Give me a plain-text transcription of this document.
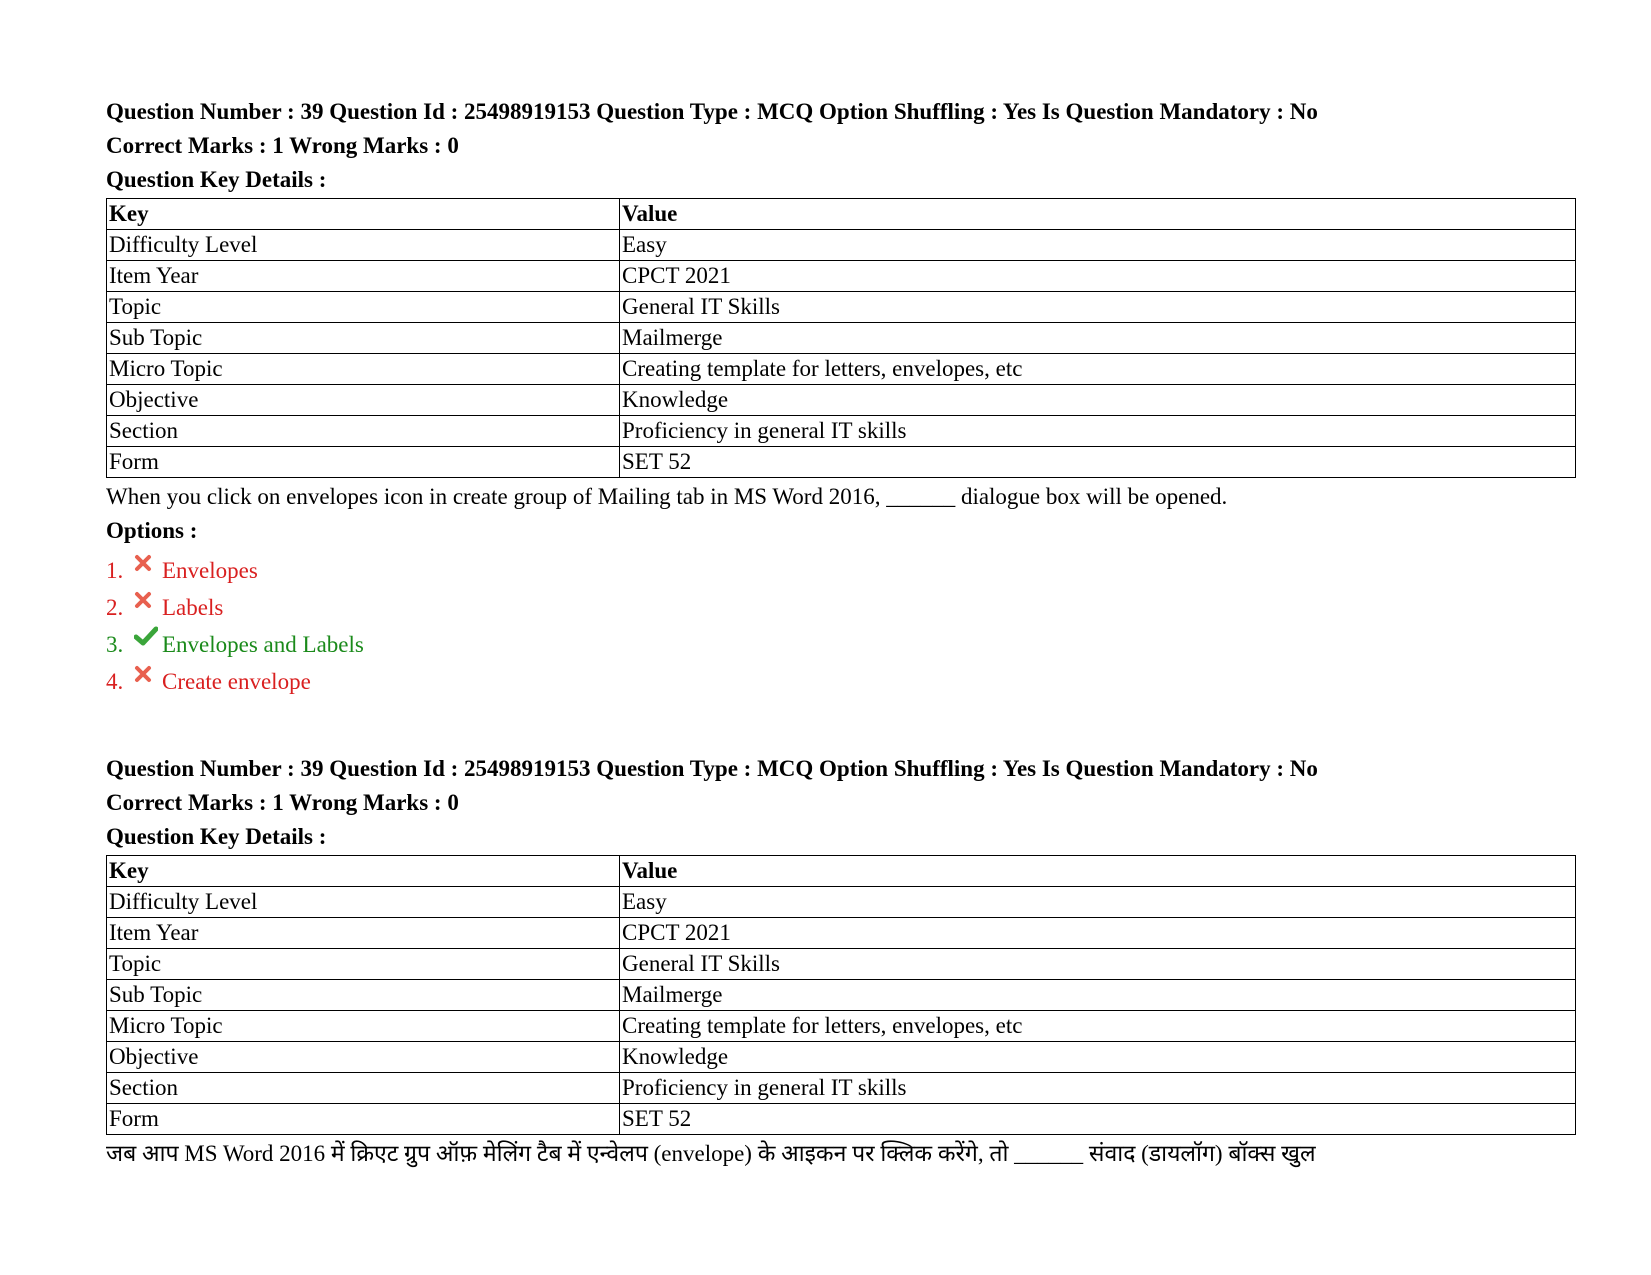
Question Number : 39 Question Id : 25498919153 Question Type : MCQ Option Shuffling : Yes Is Question Mandatory : No
Correct Marks : 1 Wrong Marks : 0
Question Key Details :
Key	Value
Difficulty Level	Easy
Item Year	CPCT 2021
Topic	General IT Skills
Sub Topic	Mailmerge
Micro Topic	Creating template for letters, envelopes, etc
Objective	Knowledge
Section	Proficiency in general IT skills
Form	SET 52
When you click on envelopes icon in create group of Mailing tab in MS Word 2016, ______ dialogue box will be opened.
Options :
1.	Envelopes
2.	Labels
3.	Envelopes and Labels
4.	Create envelope
Question Number : 39 Question Id : 25498919153 Question Type : MCQ Option Shuffling : Yes Is Question Mandatory : No
Correct Marks : 1 Wrong Marks : 0
Question Key Details :
Key	Value
Difficulty Level	Easy
Item Year	CPCT 2021
Topic	General IT Skills
Sub Topic	Mailmerge
Micro Topic	Creating template for letters, envelopes, etc
Objective	Knowledge
Section	Proficiency in general IT skills
Form	SET 52
जब आप MS Word 2016 में क्रिएट ग्रुप ऑफ़ मेलिंग टैब में एन्वेलप (envelope) के आइकन पर क्लिक करेंगे, तो ______ संवाद (डायलॉग) बॉक्स खुल
